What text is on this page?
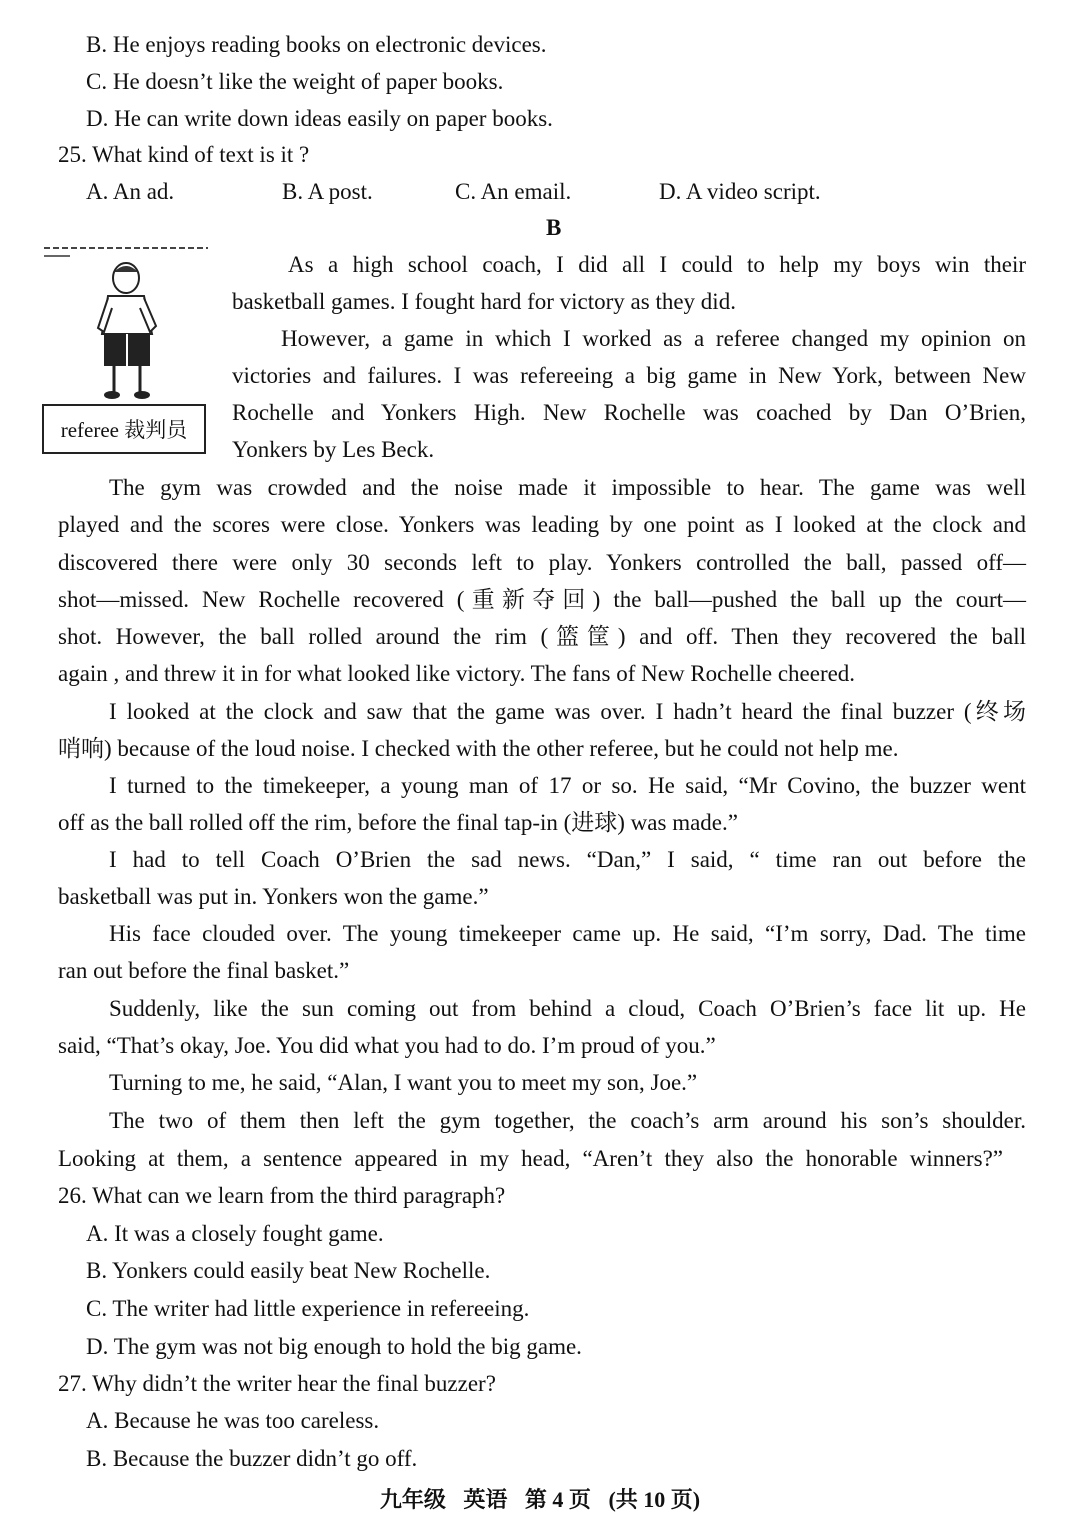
B. He enjoys reading books on electronic devices.
C. He doesn’t like the weight of paper books.
D. He can write down ideas easily on paper books.
25. What kind of text is it ?
A. An ad.	B. A post.	C. An email.	D. A video script.
B
referee 裁判员
As a high school coach, I did all I could to help my boys win their
basketball games. I fought hard for victory as they did.
However, a game in which I worked as a referee changed my opinion on
victories and failures. I was refereeing a big game in New York, between New
Rochelle and Yonkers High. New Rochelle was coached by Dan O’Brien,
Yonkers by Les Beck.
The gym was crowded and the noise made it impossible to hear. The game was well
played and the scores were close. Yonkers was leading by one point as I looked at the clock and
discovered there were only 30 seconds left to play. Yonkers controlled the ball, passed off—
shot—missed. New Rochelle recovered (重新夺回) the ball—pushed the ball up the court—
shot. However, the ball rolled around the rim (篮筐) and off. Then they recovered the ball
again , and threw it in for what looked like victory. The fans of New Rochelle cheered.
I looked at the clock and saw that the game was over. I hadn’t heard the final buzzer (终场
哨响) because of the loud noise. I checked with the other referee, but he could not help me.
I turned to the timekeeper, a young man of 17 or so. He said, “Mr Covino, the buzzer went
off as the ball rolled off the rim, before the final tap-in (进球) was made.”
I had to tell Coach O’Brien the sad news. “Dan,” I said, “ time ran out before the
basketball was put in. Yonkers won the game.”
His face clouded over. The young timekeeper came up. He said, “I’m sorry, Dad. The time
ran out before the final basket.”
Suddenly, like the sun coming out from behind a cloud, Coach O’Brien’s face lit up. He
said, “That’s okay, Joe. You did what you had to do. I’m proud of you.”
Turning to me, he said, “Alan, I want you to meet my son, Joe.”
The two of them then left the gym together, the coach’s arm around his son’s shoulder.
Looking at them, a sentence appeared in my head, “Aren’t they also the honorable winners?”
26. What can we learn from the third paragraph?
A. It was a closely fought game.
B. Yonkers could easily beat New Rochelle.
C. The writer had little experience in refereeing.
D. The gym was not big enough to hold the big game.
27. Why didn’t the writer hear the final buzzer?
A. Because he was too careless.
B. Because the buzzer didn’t go off.
九年级 英语 第 4 页 (共 10 页)
